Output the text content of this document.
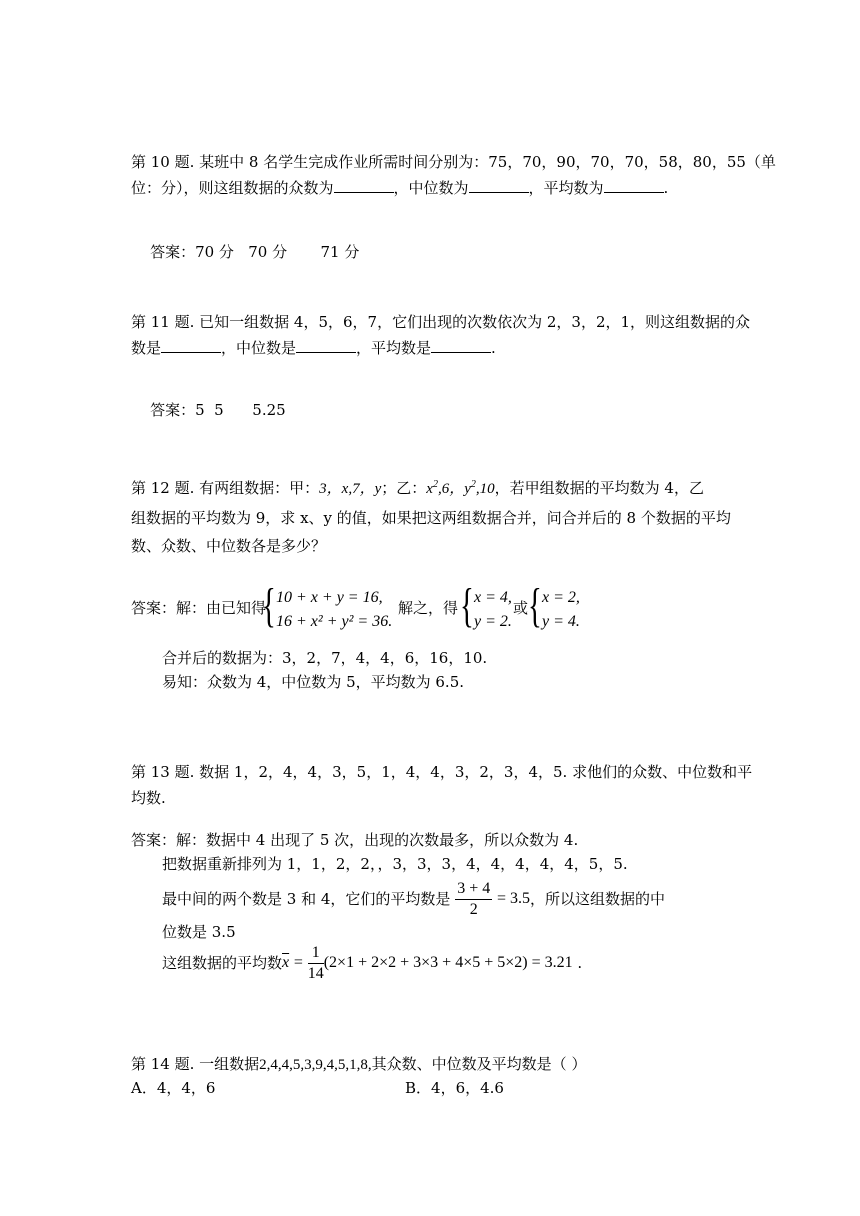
第 10 题. 某班中 8 名学生完成作业所需时间分别为：75，70，90，70，70，58，80，55（单
位：分），则这组数据的众数为	，中位数为	，平均数为	.

答案：70 分   70 分       71 分

第 11 题. 已知一组数据 4，5，6，7，它们出现的次数依次为 2，3，2，1，则这组数据的众
数是	，中位数是	，平均数是	.

答案：5  5      5.25

第 12 题. 有两组数据：甲：3，x,7，y；乙：$x^2,6$，$y^2,10$，若甲组数据的平均数为 4，乙
组数据的平均数为 9，求 x、y 的值，如果把这两组数据合并，问合并后的 8 个数据的平均
数、众数、中位数各是多少？
答案：解：由已知得
{ 10 + x + y = 16,
16 + x² + y² = 36.
解之，得 { x = 4,
y = 2.
或 { x = 2,
y = 4.
合并后的数据为：3，2，7，4，4，6，16，10.
易知：众数为 4，中位数为 5，平均数为 6.5.
第 13 题. 数据 1，2，4，4，3，5，1，4，4，3，2，3，4，5. 求他们的众数、中位数和平
均数.
答案：解：数据中 4 出现了 5 次，出现的次数最多，所以众数为 4.
把数据重新排列为 1，1，2，2，，3，3，3，4，4，4，4，4，5，5.
最中间的两个数是 3 和 4，它们的平均数是 $\frac{3 + 4}{2} = 3.5$，所以这组数据的中
位数是 3.5
这组数据的平均数$\overline{x} = \frac{1}{14} (2\times 1 + 2\times 2 + 3\times 3 + 4\times 5 + 5\times 2) = 3.21$ .
第 14 题. 一组数据2,4,4,5,3,9,4,5,1,8,其众数、中位数及平均数是（ ）
A．4，4，6	B．4，6，4.6
